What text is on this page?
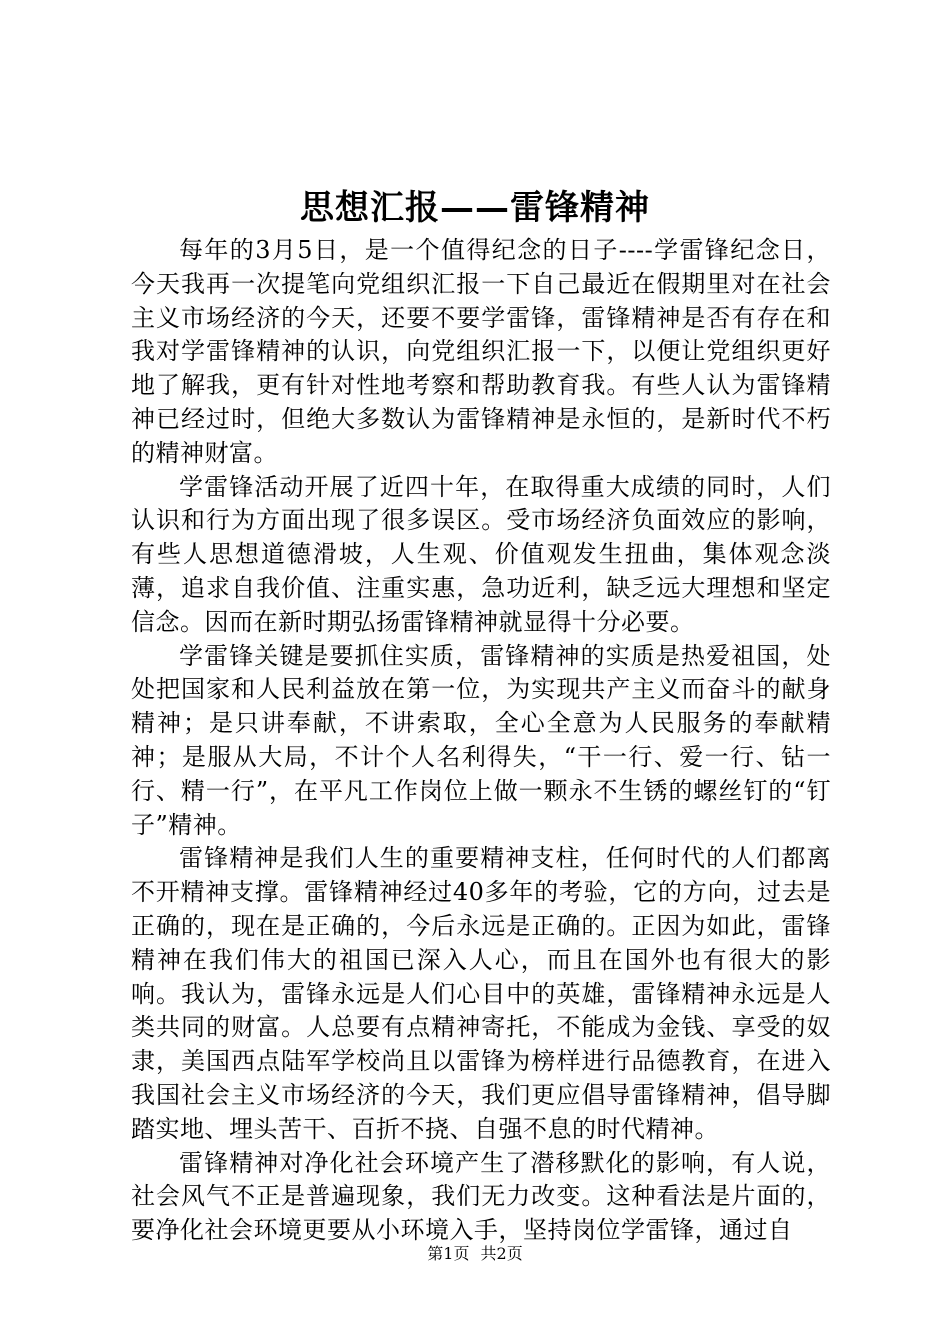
思想汇报——雷锋精神

每年的3月5日，是一个值得纪念的日子----学雷锋纪念日，今天我再一次提笔向党组织汇报一下自己最近在假期里对在社会主义市场经济的今天，还要不要学雷锋，雷锋精神是否有存在和我对学雷锋精神的认识，向党组织汇报一下，以便让党组织更好地了解我，更有针对性地考察和帮助教育我。有些人认为雷锋精神已经过时，但绝大多数认为雷锋精神是永恒的，是新时代不朽的精神财富。

学雷锋活动开展了近四十年，在取得重大成绩的同时，人们认识和行为方面出现了很多误区。受市场经济负面效应的影响，有些人思想道德滑坡，人生观、价值观发生扭曲，集体观念淡薄，追求自我价值、注重实惠，急功近利，缺乏远大理想和坚定信念。因而在新时期弘扬雷锋精神就显得十分必要。

学雷锋关键是要抓住实质，雷锋精神的实质是热爱祖国，处处把国家和人民利益放在第一位，为实现共产主义而奋斗的献身精神；是只讲奉献，不讲索取，全心全意为人民服务的奉献精神；是服从大局，不计个人名利得失，“干一行、爱一行、钻一行、精一行”，在平凡工作岗位上做一颗永不生锈的螺丝钉的“钉子”精神。

雷锋精神是我们人生的重要精神支柱，任何时代的人们都离不开精神支撑。雷锋精神经过40多年的考验，它的方向，过去是正确的，现在是正确的，今后永远是正确的。正因为如此，雷锋精神在我们伟大的祖国已深入人心，而且在国外也有很大的影响。我认为，雷锋永远是人们心目中的英雄，雷锋精神永远是人类共同的财富。人总要有点精神寄托，不能成为金钱、享受的奴隶，美国西点陆军学校尚且以雷锋为榜样进行品德教育，在进入我国社会主义市场经济的今天，我们更应倡导雷锋精神，倡导脚踏实地、埋头苦干、百折不挠、自强不息的时代精神。

雷锋精神对净化社会环境产生了潜移默化的影响，有人说，社会风气不正是普遍现象，我们无力改变。这种看法是片面的，要净化社会环境更要从小环境入手，坚持岗位学雷锋，通过自

第1页 共2页
